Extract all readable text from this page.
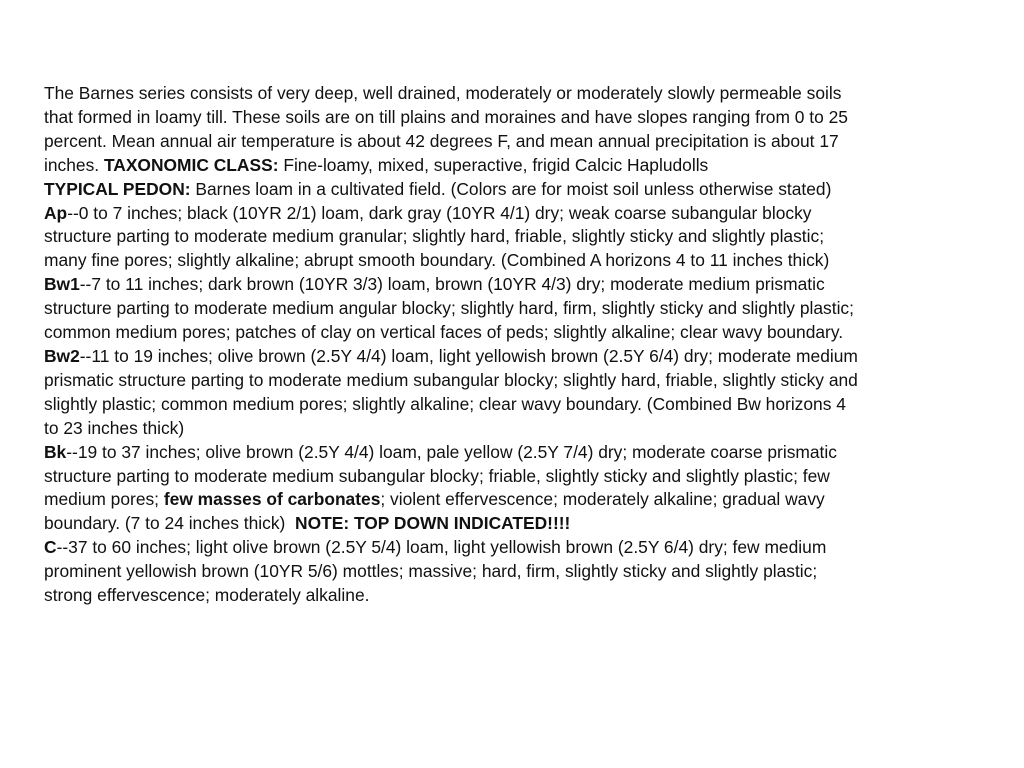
The Barnes series consists of very deep, well drained, moderately or moderately slowly permeable soils

that formed in loamy till. These soils are on till plains and moraines and have slopes ranging from 0 to 25

percent. Mean annual air temperature is about 42 degrees F, and mean annual precipitation is about 17

inches. TAXONOMIC CLASS: Fine-loamy, mixed, superactive, frigid Calcic Hapludolls

TYPICAL PEDON: Barnes loam in a cultivated field. (Colors are for moist soil unless otherwise stated)

Ap--0 to 7 inches; black (10YR 2/1) loam, dark gray (10YR 4/1) dry; weak coarse subangular blocky

structure parting to moderate medium granular; slightly hard, friable, slightly sticky and slightly plastic;

many fine pores; slightly alkaline; abrupt smooth boundary. (Combined A horizons 4 to 11 inches thick)

Bw1--7 to 11 inches; dark brown (10YR 3/3) loam, brown (10YR 4/3) dry; moderate medium prismatic

structure parting to moderate medium angular blocky; slightly hard, firm, slightly sticky and slightly plastic;

common medium pores; patches of clay on vertical faces of peds; slightly alkaline; clear wavy boundary.

Bw2--11 to 19 inches; olive brown (2.5Y 4/4) loam, light yellowish brown (2.5Y 6/4) dry; moderate medium

prismatic structure parting to moderate medium subangular blocky; slightly hard, friable, slightly sticky and

slightly plastic; common medium pores; slightly alkaline; clear wavy boundary. (Combined Bw horizons 4

to 23 inches thick)

Bk--19 to 37 inches; olive brown (2.5Y 4/4) loam, pale yellow (2.5Y 7/4) dry; moderate coarse prismatic

structure parting to moderate medium subangular blocky; friable, slightly sticky and slightly plastic; few

medium pores; few masses of carbonates; violent effervescence; moderately alkaline; gradual wavy

boundary. (7 to 24 inches thick)  NOTE: TOP DOWN INDICATED!!!!

C--37 to 60 inches; light olive brown (2.5Y 5/4) loam, light yellowish brown (2.5Y 6/4) dry; few medium

prominent yellowish brown (10YR 5/6) mottles; massive; hard, firm, slightly sticky and slightly plastic;

strong effervescence; moderately alkaline.
